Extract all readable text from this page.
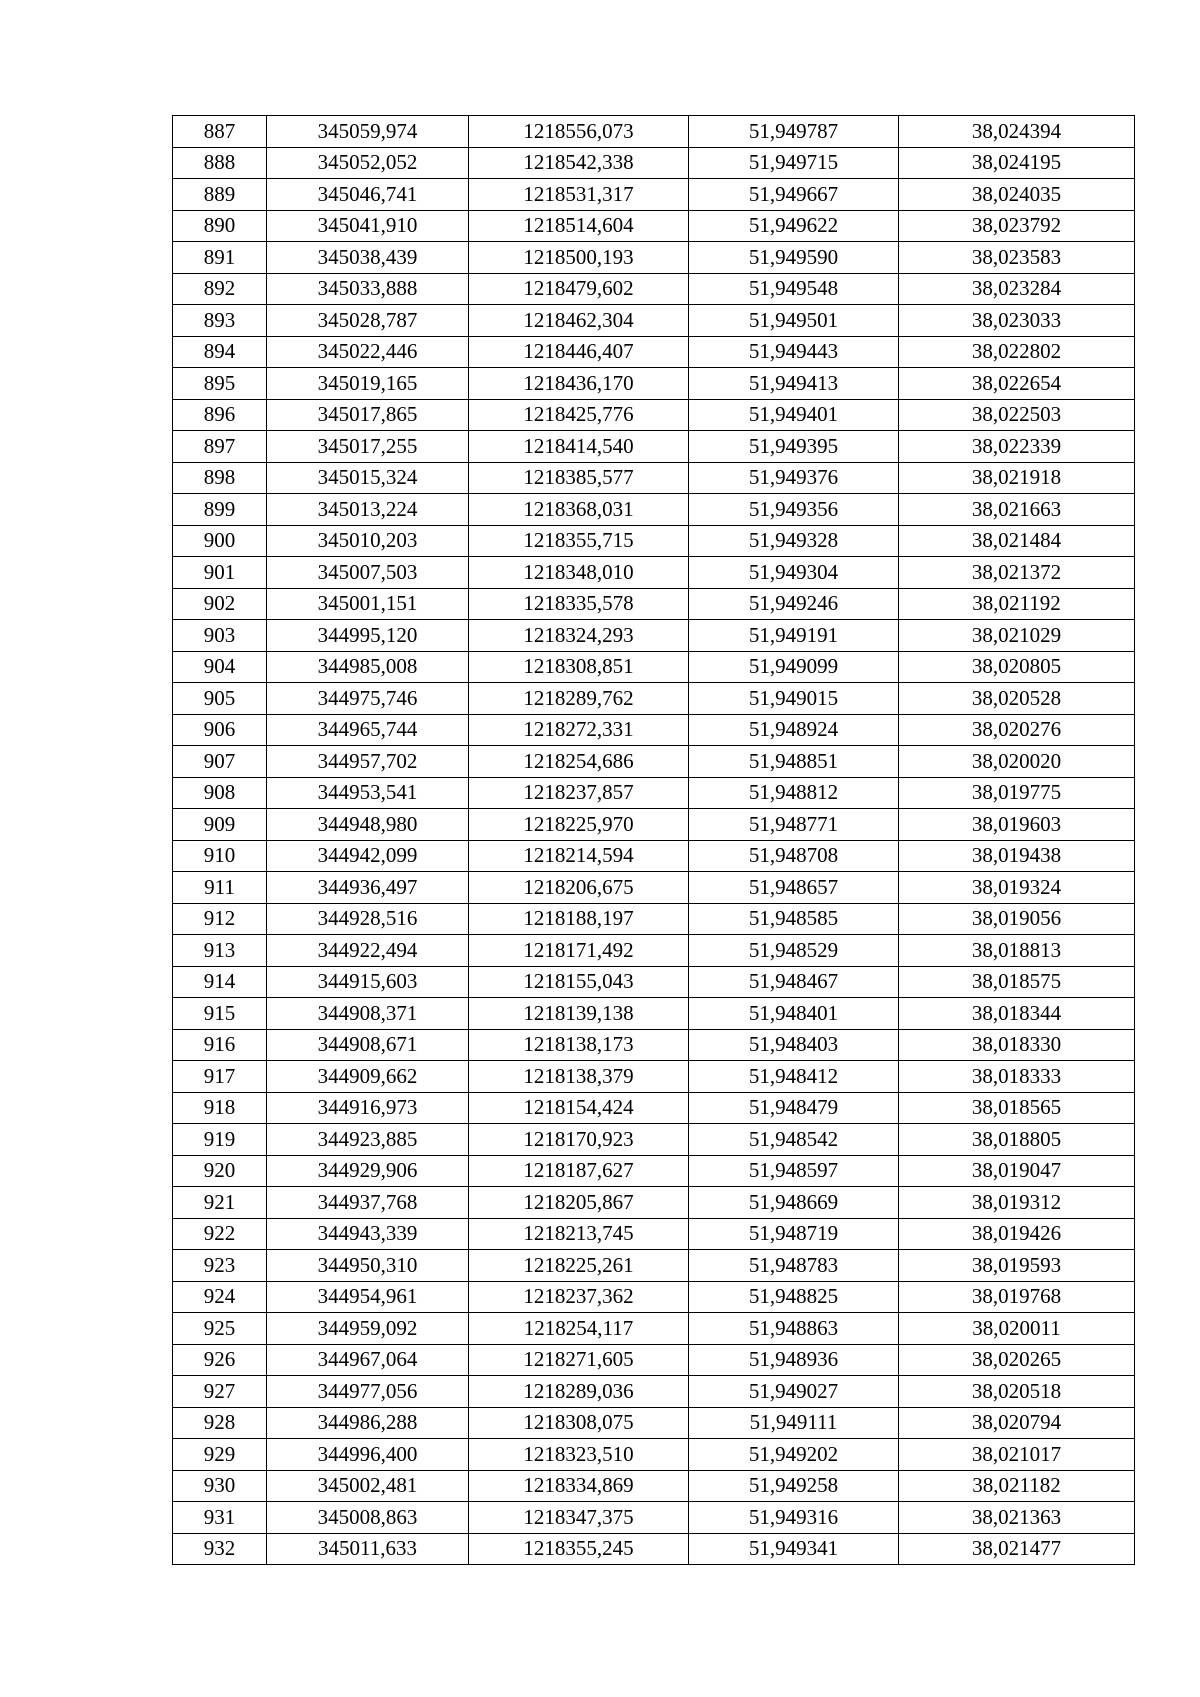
887	345059,974	1218556,073	51,949787	38,024394
888	345052,052	1218542,338	51,949715	38,024195
889	345046,741	1218531,317	51,949667	38,024035
890	345041,910	1218514,604	51,949622	38,023792
891	345038,439	1218500,193	51,949590	38,023583
892	345033,888	1218479,602	51,949548	38,023284
893	345028,787	1218462,304	51,949501	38,023033
894	345022,446	1218446,407	51,949443	38,022802
895	345019,165	1218436,170	51,949413	38,022654
896	345017,865	1218425,776	51,949401	38,022503
897	345017,255	1218414,540	51,949395	38,022339
898	345015,324	1218385,577	51,949376	38,021918
899	345013,224	1218368,031	51,949356	38,021663
900	345010,203	1218355,715	51,949328	38,021484
901	345007,503	1218348,010	51,949304	38,021372
902	345001,151	1218335,578	51,949246	38,021192
903	344995,120	1218324,293	51,949191	38,021029
904	344985,008	1218308,851	51,949099	38,020805
905	344975,746	1218289,762	51,949015	38,020528
906	344965,744	1218272,331	51,948924	38,020276
907	344957,702	1218254,686	51,948851	38,020020
908	344953,541	1218237,857	51,948812	38,019775
909	344948,980	1218225,970	51,948771	38,019603
910	344942,099	1218214,594	51,948708	38,019438
911	344936,497	1218206,675	51,948657	38,019324
912	344928,516	1218188,197	51,948585	38,019056
913	344922,494	1218171,492	51,948529	38,018813
914	344915,603	1218155,043	51,948467	38,018575
915	344908,371	1218139,138	51,948401	38,018344
916	344908,671	1218138,173	51,948403	38,018330
917	344909,662	1218138,379	51,948412	38,018333
918	344916,973	1218154,424	51,948479	38,018565
919	344923,885	1218170,923	51,948542	38,018805
920	344929,906	1218187,627	51,948597	38,019047
921	344937,768	1218205,867	51,948669	38,019312
922	344943,339	1218213,745	51,948719	38,019426
923	344950,310	1218225,261	51,948783	38,019593
924	344954,961	1218237,362	51,948825	38,019768
925	344959,092	1218254,117	51,948863	38,020011
926	344967,064	1218271,605	51,948936	38,020265
927	344977,056	1218289,036	51,949027	38,020518
928	344986,288	1218308,075	51,949111	38,020794
929	344996,400	1218323,510	51,949202	38,021017
930	345002,481	1218334,869	51,949258	38,021182
931	345008,863	1218347,375	51,949316	38,021363
932	345011,633	1218355,245	51,949341	38,021477
